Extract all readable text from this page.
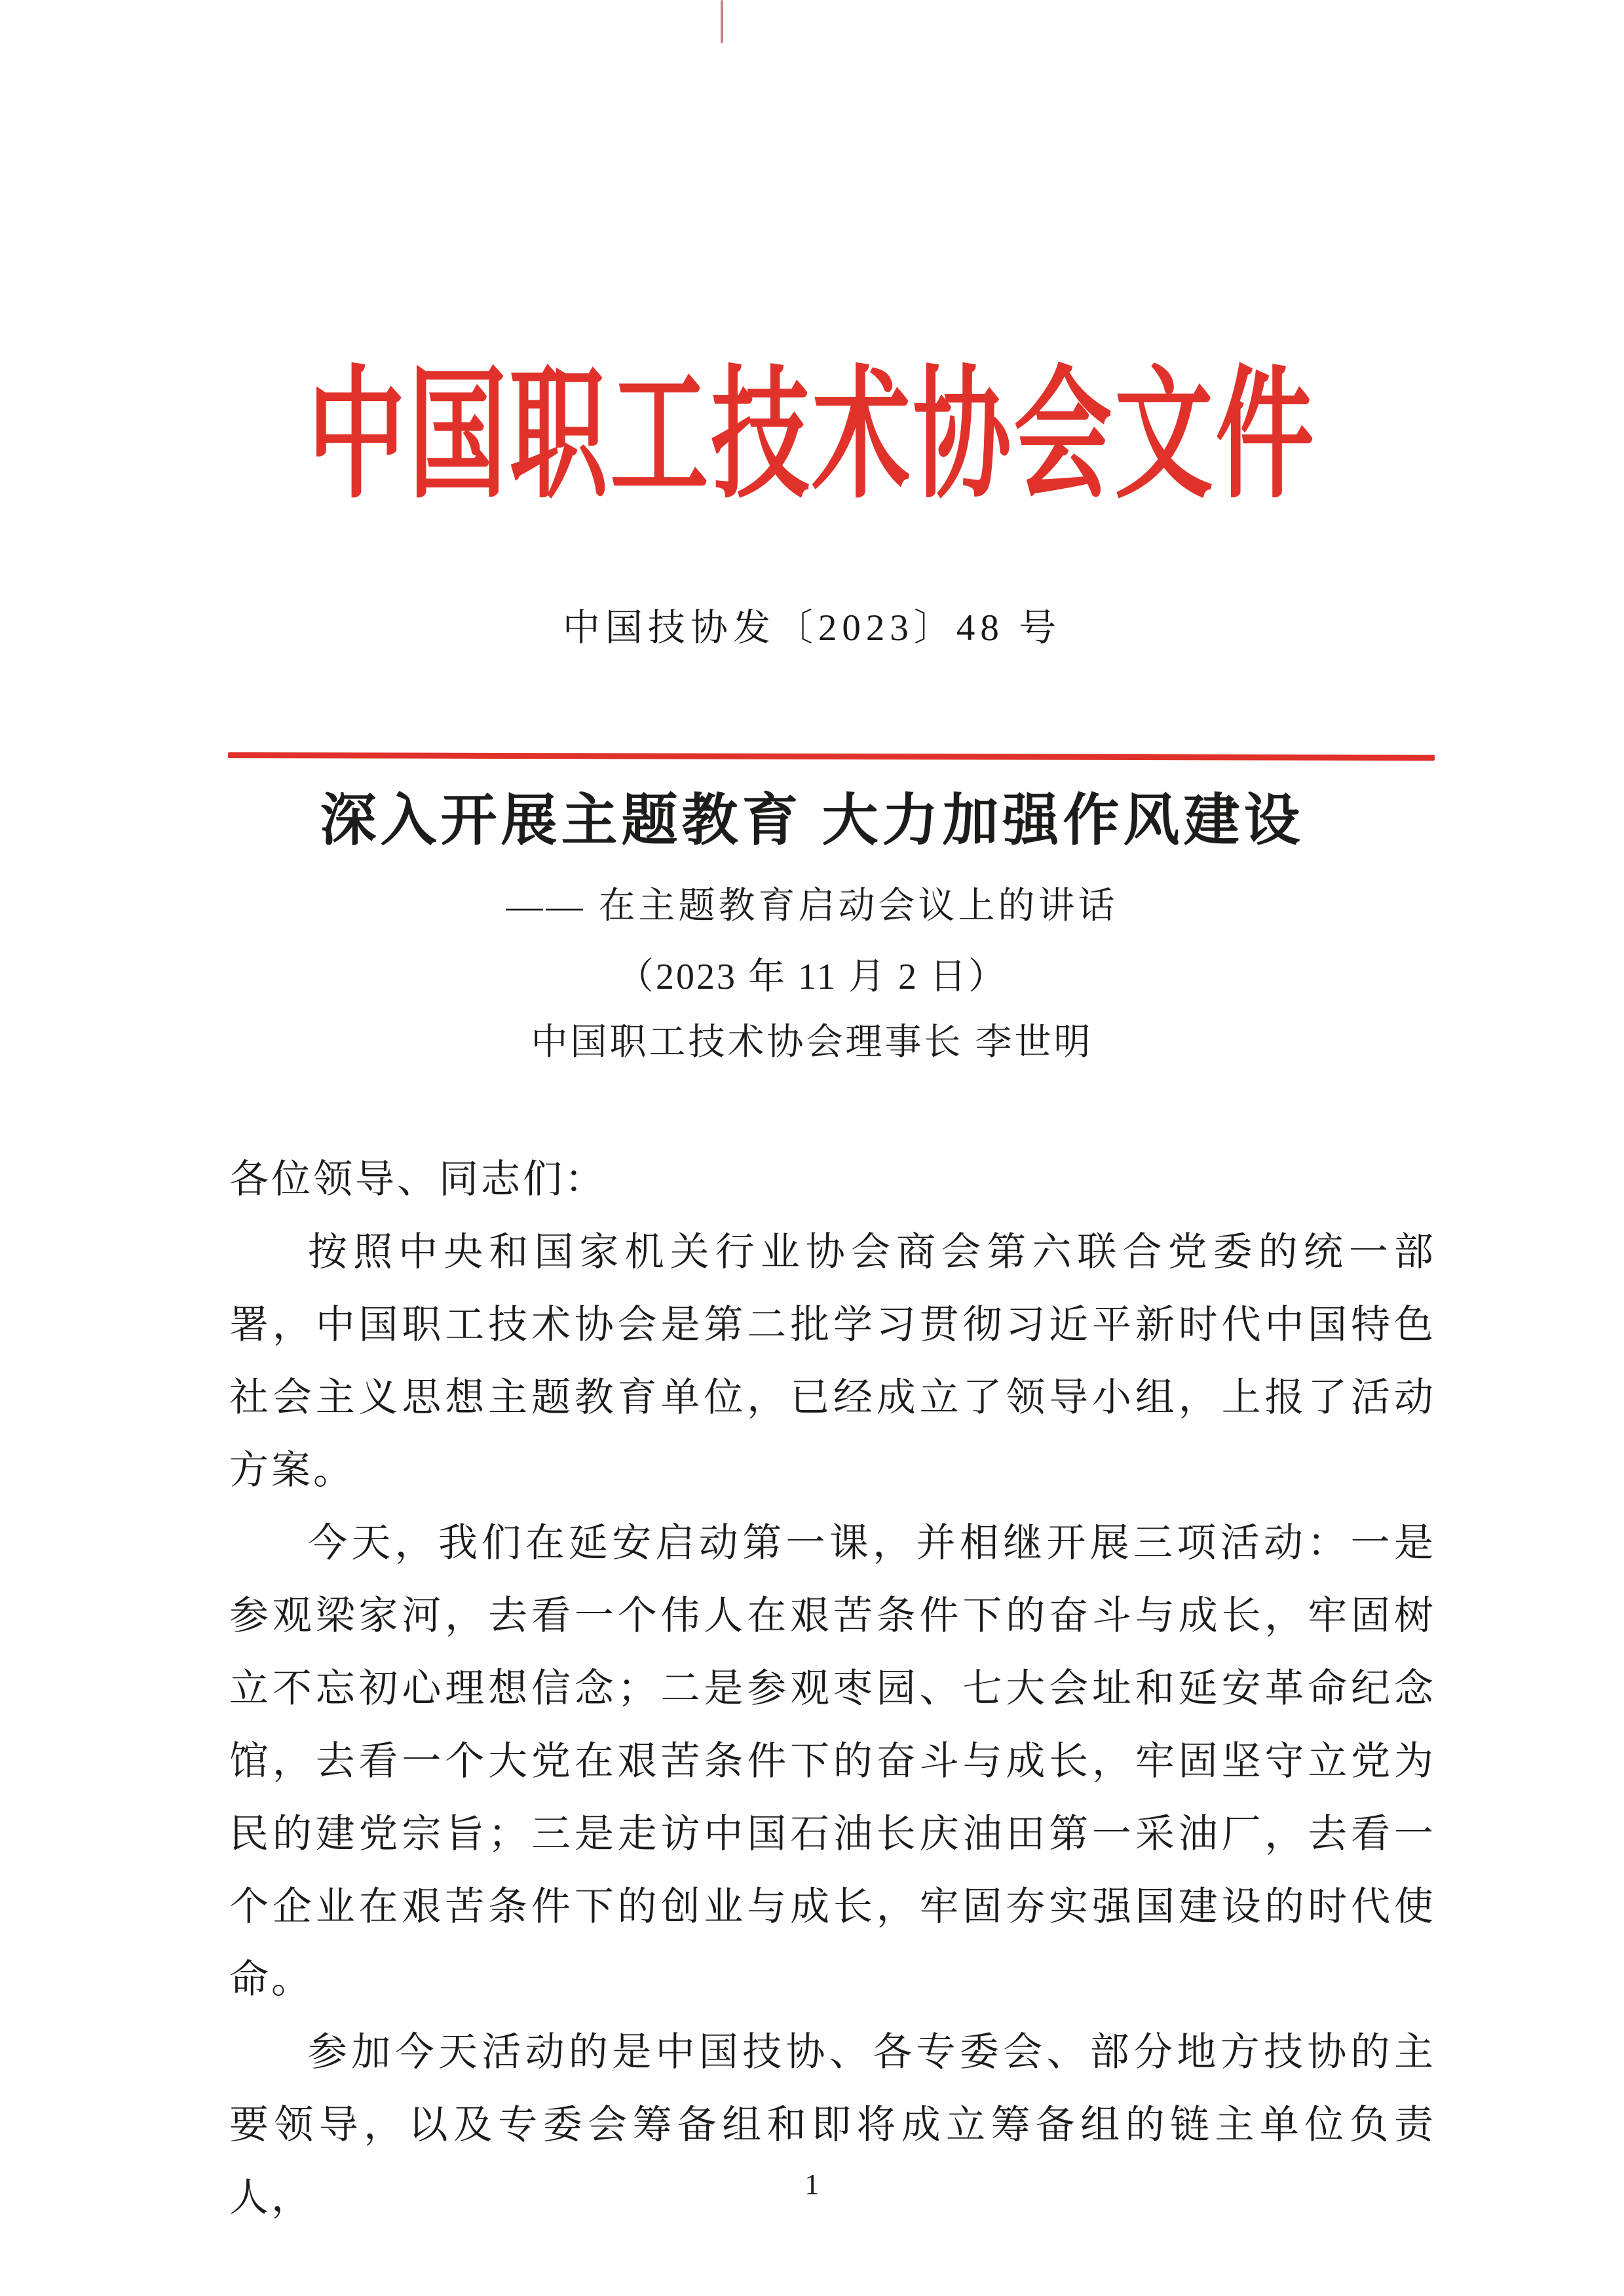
中国职工技术协会文件
中国技协发〔2023〕48 号
深入开展主题教育 大力加强作风建设
—— 在主题教育启动会议上的讲话
（2023 年 11 月 2 日）
中国职工技术协会理事长 李世明

各位领导、同志们：

按照中央和国家机关行业协会商会第六联合党委的统一部署，中国职工技术协会是第二批学习贯彻习近平新时代中国特色社会主义思想主题教育单位，已经成立了领导小组，上报了活动方案。

今天，我们在延安启动第一课，并相继开展三项活动：一是参观梁家河，去看一个伟人在艰苦条件下的奋斗与成长，牢固树立不忘初心理想信念；二是参观枣园、七大会址和延安革命纪念馆，去看一个大党在艰苦条件下的奋斗与成长，牢固坚守立党为民的建党宗旨；三是走访中国石油长庆油田第一采油厂，去看一个企业在艰苦条件下的创业与成长，牢固夯实强国建设的时代使命。

参加今天活动的是中国技协、各专委会、部分地方技协的主要领导，以及专委会筹备组和即将成立筹备组的链主单位负责人，	1
